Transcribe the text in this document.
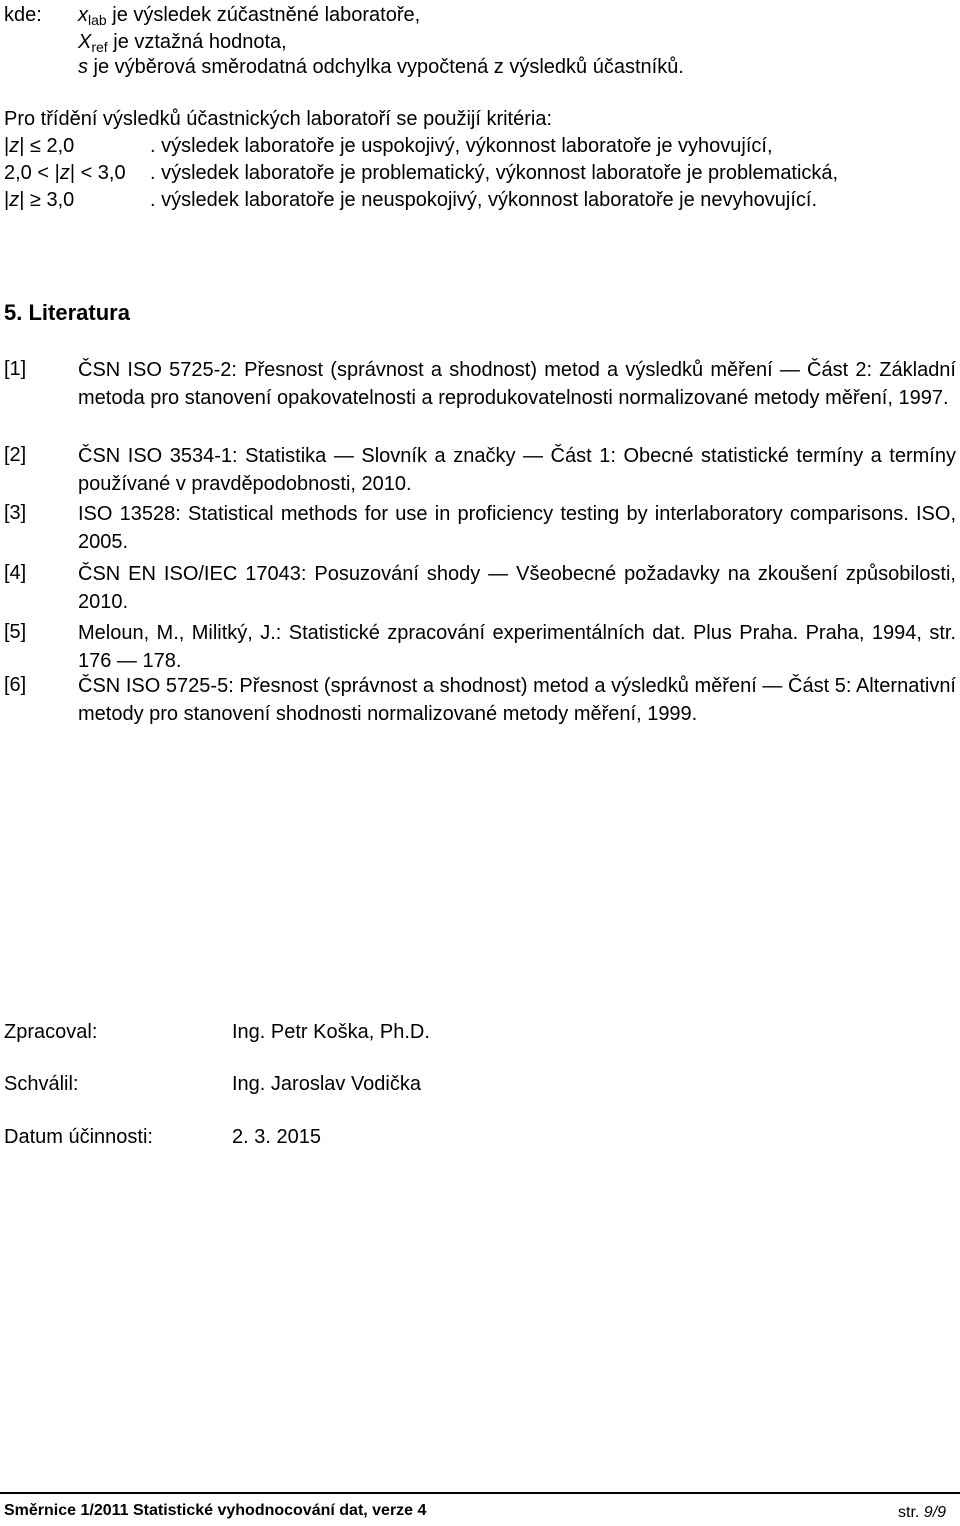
kde: $x_{lab}$ je výsledek zúčastněné laboratoře,
$X_{ref}$ je vztažná hodnota,
s je výběrová směrodatná odchylka vypočtená z výsledků účastníků.
Pro třídění výsledků účastnických laboratoří se použijí kritéria:
|z| ≤ 2,0	. výsledek laboratoře je uspokojivý, výkonnost laboratoře je vyhovující,
2,0 < |z| < 3,0 . výsledek laboratoře je problematický, výkonnost laboratoře je problematická,
|z| ≥ 3,0	. výsledek laboratoře je neuspokojivý, výkonnost laboratoře je nevyhovující.
5. Literatura
[1]	ČSN ISO 5725-2: Přesnost (správnost a shodnost) metod a výsledků měření — Část 2: Základní metoda pro stanovení opakovatelnosti a reprodukovatelnosti normalizované metody měření, 1997.
[2]	ČSN ISO 3534-1: Statistika — Slovník a značky — Část 1: Obecné statistické termíny a termíny používané v pravděpodobnosti, 2010.
[3]	ISO 13528: Statistical methods for use in proficiency testing by interlaboratory comparisons. ISO, 2005.
[4]	ČSN EN ISO/IEC 17043: Posuzování shody — Všeobecné požadavky na zkoušení způsobilosti, 2010.
[5]	Meloun, M., Militký, J.: Statistické zpracování experimentálních dat. Plus Praha. Praha, 1994, str. 176 — 178.
[6]	ČSN ISO 5725-5: Přesnost (správnost a shodnost) metod a výsledků měření — Část 5: Alternativní metody pro stanovení shodnosti normalizované metody měření, 1999.
Zpracoval:	Ing. Petr Koška, Ph.D.
Schválil:	Ing. Jaroslav Vodička
Datum účinnosti:	2. 3. 2015
Směrnice 1/2011 Statistické vyhodnocování dat, verze 4	str. 9/9
